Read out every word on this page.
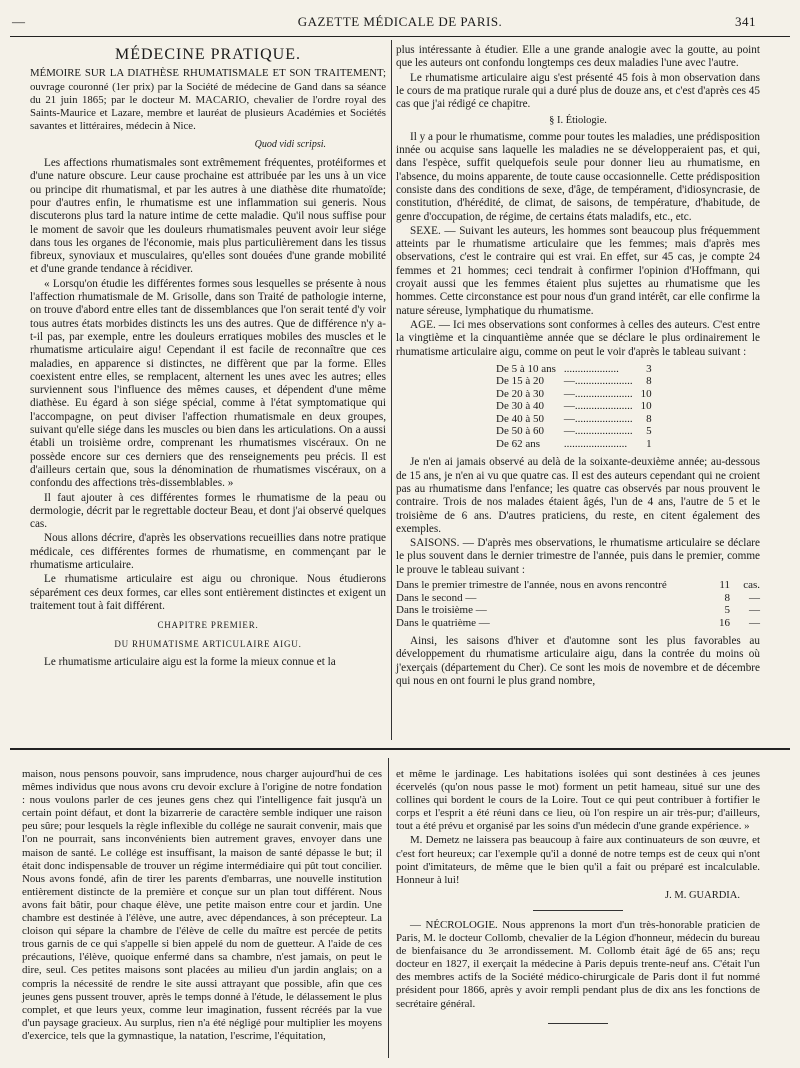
—	GAZETTE MÉDICALE DE PARIS.	341
MÉDECINE PRATIQUE.

MÉMOIRE SUR LA DIATHÈSE RHUMATISMALE ET SON TRAITEMENT; ouvrage couronné (1er prix) par la Société de médecine de Gand dans sa séance du 21 juin 1865; par le docteur M. MACARIO, chevalier de l'ordre royal des Saints-Maurice et Lazare, membre et lauréat de plusieurs Académies et Sociétés savantes et littéraires, médecin à Nice.

Quod vidi scripsi.

Les affections rhumatismales sont extrêmement fréquentes, protéiformes et d'une nature obscure. Leur cause prochaine est attribuée par les uns à un vice ou principe dit rhumatismal, et par les autres à une diathèse dite rhumatoïde; pour d'autres enfin, le rhumatisme est une inflammation sui generis. Nous discuterons plus tard la nature intime de cette maladie. Qu'il nous suffise pour le moment de savoir que les douleurs rhumatismales peuvent avoir leur siége dans tous les organes de l'économie, mais plus particulièrement dans les tissus fibreux, synoviaux et musculaires, qu'elles sont douées d'une grande mobilité et d'une grande tendance à récidiver.

« Lorsqu'on étudie les différentes formes sous lesquelles se présente à nous l'affection rhumatismale de M. Grisolle, dans son Traité de pathologie interne, on trouve d'abord entre elles tant de dissemblances que l'on serait tenté d'y voir tous autres états morbides distincts les uns des autres. Que de différence n'y a-t-il pas, par exemple, entre les douleurs erratiques mobiles des muscles et le rhumatisme articulaire aigu! Cependant il est facile de reconnaître que ces maladies, en apparence si distinctes, ne diffèrent que par la forme. Elles coexistent entre elles, se remplacent, alternent les unes avec les autres; elles surviennent sous l'influence des mêmes causes, et dépendent d'une même diathèse. Eu égard à son siége spécial, comme à l'état symptomatique qui l'accompagne, on peut diviser l'affection rhumatismale en deux groupes, suivant qu'elle siége dans les muscles ou bien dans les articulations. On a aussi établi un troisième ordre, comprenant les rhumatismes viscéraux. On ne possède encore sur ces derniers que des renseignements peu précis. Il est d'ailleurs certain que, sous la dénomination de rhumatismes viscéraux, on a confondu des affections très-dissemblables. »

Il faut ajouter à ces différentes formes le rhumatisme de la peau ou dermologie, décrit par le regrettable docteur Beau, et dont j'ai observé quelques cas.

Nous allons décrire, d'après les observations recueillies dans notre pratique médicale, ces différentes formes de rhumatisme, en commençant par le rhumatisme articulaire.

Le rhumatisme articulaire est aigu ou chronique. Nous étudierons séparément ces deux formes, car elles sont entièrement distinctes et exigent un traitement tout à fait différent.

CHAPITRE PREMIER.
DU RHUMATISME ARTICULAIRE AIGU.

Le rhumatisme articulaire aigu est la forme la mieux connue et la

plus intéressante à étudier. Elle a une grande analogie avec la goutte, au point que les auteurs ont confondu longtemps ces deux maladies l'une avec l'autre.

Le rhumatisme articulaire aigu s'est présenté 45 fois à mon observation dans le cours de ma pratique rurale qui a duré plus de douze ans, et c'est d'après ces 45 cas que j'ai rédigé ce chapitre.

§ I. Étiologie.

Il y a pour le rhumatisme, comme pour toutes les maladies, une prédisposition innée ou acquise sans laquelle les maladies ne se développeraient pas, et qui, dans l'espèce, suffit quelquefois seule pour donner lieu au rhumatisme, en l'absence, du moins apparente, de toute cause occasionnelle. Cette prédisposition consiste dans des conditions de sexe, d'âge, de tempérament, d'idiosyncrasie, de constitution, d'hérédité, de climat, de saisons, de température, d'habitude, de genre d'occupation, de régime, de certains états maladifs, etc., etc.

SEXE. — Suivant les auteurs, les hommes sont beaucoup plus fréquemment atteints par le rhumatisme articulaire que les femmes; mais d'après mes observations, c'est le contraire qui est vrai. En effet, sur 45 cas, je compte 24 femmes et 21 hommes; ceci tendrait à confirmer l'opinion d'Hoffmann, qui croyait aussi que les femmes étaient plus sujettes au rhumatisme que les hommes. Cette circonstance est pour nous d'un grand intérêt, car elle confirme la nature séreuse, lymphatique du rhumatisme.

AGE. — Ici mes observations sont conformes à celles des auteurs. C'est entre la vingtième et la cinquantième année que se déclare le plus ordinairement le rhumatisme articulaire aigu, comme on peut le voir d'après le tableau suivant :

De 5 à 10 ans	....................	3
De 15 à 20	—.....................	8
De 20 à 30	—.....................	10
De 30 à 40	—.....................	10
De 40 à 50	—.....................	8
De 50 à 60	—.....................	5
De 62 ans	.......................	1

Je n'en ai jamais observé au delà de la soixante-deuxième année; au-dessous de 15 ans, je n'en ai vu que quatre cas. Il est des auteurs cependant qui ne croient pas au rhumatisme dans l'enfance; les quatre cas observés par nous prouvent le contraire. Trois de nos malades étaient âgés, l'un de 4 ans, l'autre de 5 et le troisième de 6 ans. D'autres praticiens, du reste, en citent également des exemples.

SAISONS. — D'après mes observations, le rhumatisme articulaire se déclare le plus souvent dans le dernier trimestre de l'année, puis dans le premier, comme le prouve le tableau suivant :

Dans le premier trimestre de l'année, nous en avons rencontré	11	cas.
Dans le second —	8	—
Dans le troisième —	5	—
Dans le quatrième —	16	—

Ainsi, les saisons d'hiver et d'automne sont les plus favorables au développement du rhumatisme articulaire aigu, dans la contrée du moins où j'exerçais (département du Cher). Ce sont les mois de novembre et de décembre qui nous en ont fourni le plus grand nombre,

maison, nous pensons pouvoir, sans imprudence, nous charger aujourd'hui de ces mêmes individus que nous avons cru devoir exclure à l'origine de notre fondation : nous voulons parler de ces jeunes gens chez qui l'intelligence fait jusqu'à un certain point défaut, et dont la bizarrerie de caractère semble indiquer une raison peu sûre; pour lesquels la règle inflexible du collége ne saurait convenir, mais que l'on ne pourrait, sans inconvénients bien autrement graves, envoyer dans une maison de santé. Le collége est insuffisant, la maison de santé dépasse le but; il était donc indispensable de trouver un régime intermédiaire qui pût tout concilier. Nous avons fondé, afin de tirer les parents d'embarras, une nouvelle institution entièrement distincte de la première et conçue sur un plan tout différent. Nous avons fait bâtir, pour chaque élève, une petite maison entre cour et jardin. Une chambre est destinée à l'élève, une autre, avec dépendances, à son précepteur. La cloison qui sépare la chambre de l'élève de celle du maître est percée de petits trous garnis de ce qui s'appelle si bien appelé du nom de guetteur. A l'aide de ces précautions, l'élève, quoique enfermé dans sa chambre, n'est jamais, on peut le dire, seul. Ces petites maisons sont placées au milieu d'un jardin anglais; on a compris la nécessité de rendre le site aussi attrayant que possible, afin que ces jeunes gens pussent trouver, après le temps donné à l'étude, le délassement le plus complet, et que leurs yeux, comme leur imagination, fussent récréés par la vue d'un paysage gracieux. Au surplus, rien n'a été négligé pour multiplier les moyens d'exercice, tels que la gymnastique, la natation, l'escrime, l'équitation,

et même le jardinage. Les habitations isolées qui sont destinées à ces jeunes écervelés (qu'on nous passe le mot) forment un petit hameau, situé sur une des collines qui bordent le cours de la Loire. Tout ce qui peut contribuer à fortifier le corps et l'esprit a été réuni dans ce lieu, où l'on respire un air très-pur; d'ailleurs, tout a été prévu et organisé par les soins d'un médecin d'une grande expérience. »

M. Demetz ne laissera pas beaucoup à faire aux continuateurs de son œuvre, et c'est fort heureux; car l'exemple qu'il a donné de notre temps est de ceux qui n'ont point d'imitateurs, de même que le bien qu'il a fait ou préparé est incalculable. Honneur à lui!

J. M. GUARDIA.

— NÉCROLOGIE. Nous apprenons la mort d'un très-honorable praticien de Paris, M. le docteur Collomb, chevalier de la Légion d'honneur, médecin du bureau de bienfaisance du 3e arrondissement. M. Collomb était âgé de 65 ans; reçu docteur en 1827, il exerçait la médecine à Paris depuis trente-neuf ans. C'était l'un des membres actifs de la Société médico-chirurgicale de Paris dont il fut nommé président pour 1866, après y avoir rempli pendant plus de dix ans les fonctions de secrétaire général.
